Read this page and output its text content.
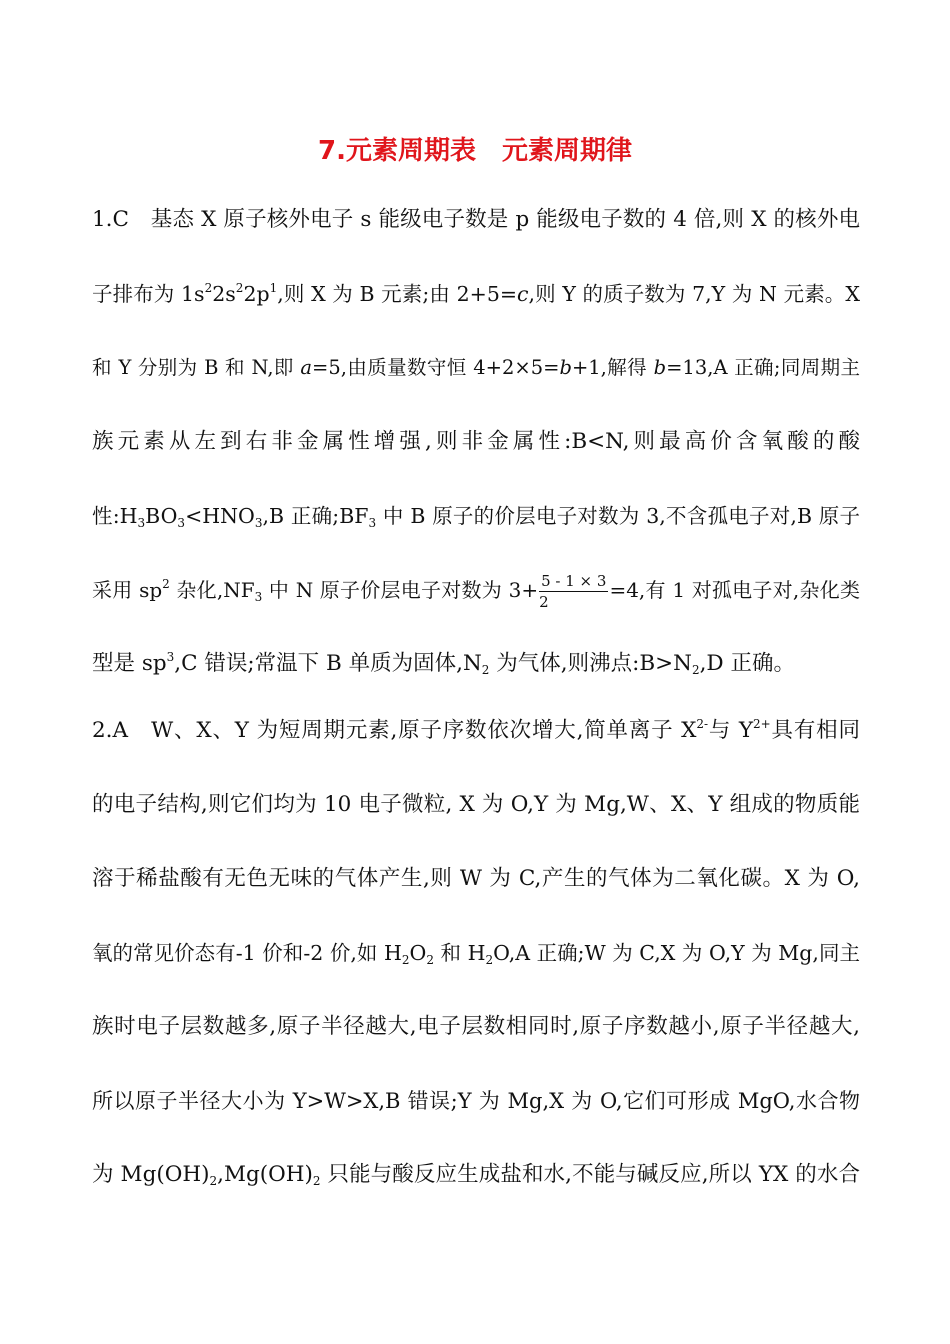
7.元素周期表　元素周期律
1.C　基态 X 原子核外电子 s 能级电子数是 p 能级电子数的 4 倍,则 X 的核外电
子排布为 $1s^22s^22p^1$,则 X 为 B 元素;由 2+5=c,则 Y 的质子数为 7,Y 为 N 元素。X
和 Y 分别为 B 和 N,即 a=5,由质量数守恒 4+2×5=b+1,解得 b=13,A 正确;同周期主
族元素从左到右非金属性增强,则非金属性:B<N,则最高价含氧酸的酸
性$:H_3BO_3<HNO_3,B$ 正确$;BF_3$ 中 B 原子的价层电子对数为 3,不含孤电子对,B 原子
采用 $sp^2$ 杂化$,NF_3$ 中 N 原子价层电子对数为 $3+ \frac{5 - 1 \times 3}{2} =4$,有 1 对孤电子对,杂化类
型是 $sp^3,C$ 错误;常温下 B 单质为固体$,N_2$ 为气体,则沸点$:B>N_2,D$ 正确。
2.A　W、X、Y 为短周期元素,原子序数依次增大,简单离子 $X^{2-}$与 $Y^{2+}$具有相同
的电子结构,则它们均为 10 电子微粒, X 为 O,Y 为 Mg,W、X、Y 组成的物质能
溶于稀盐酸有无色无味的气体产生,则 W 为 C,产生的气体为二氧化碳。X 为 O,
氧的常见价态有-1 价和-2 价,如 $H_2O_2$ 和 $H_2O,A$ 正确;W 为 C,X 为 O,Y 为 Mg,同主
族时电子层数越多,原子半径越大,电子层数相同时,原子序数越小,原子半径越大,
所以原子半径大小为 Y>W>X,B 错误;Y 为 Mg,X 为 O,它们可形成 MgO,水合物
为 $Mg(OH)_2,Mg(OH)_2$ 只能与酸反应生成盐和水,不能与碱反应,所以 YX 的水合
